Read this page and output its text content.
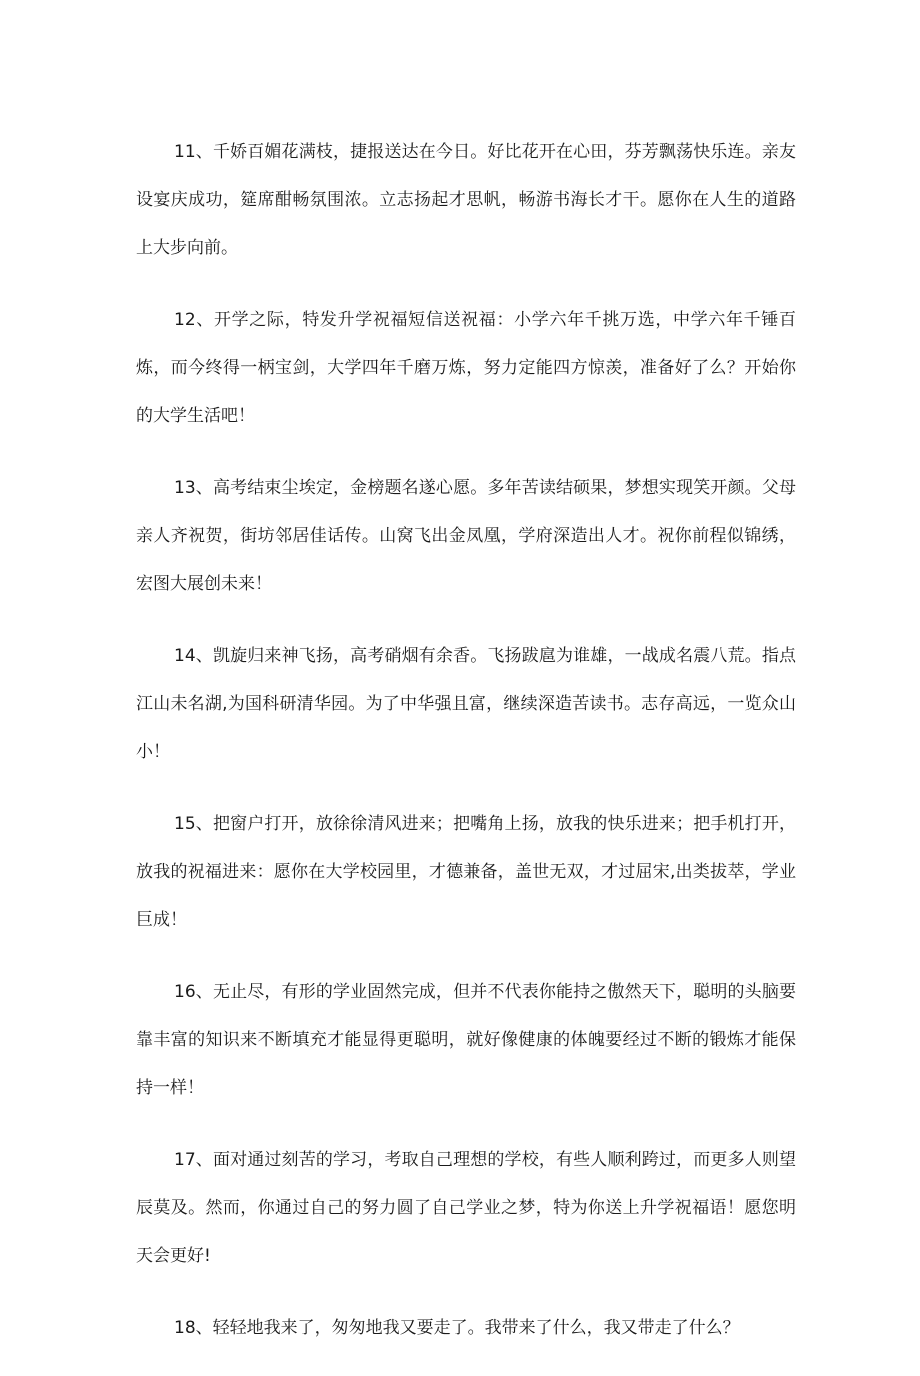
11、千娇百媚花满枝，捷报送达在今日。好比花开在心田，芬芳飘荡快乐连。亲友设宴庆成功，筵席酣畅氛围浓。立志扬起才思帆，畅游书海长才干。愿你在人生的道路上大步向前。

12、开学之际，特发升学祝福短信送祝福：小学六年千挑万选，中学六年千锤百炼，而今终得一柄宝剑，大学四年千磨万炼，努力定能四方惊羡，准备好了么？开始你的大学生活吧！

13、高考结束尘埃定，金榜题名遂心愿。多年苦读结硕果，梦想实现笑开颜。父母亲人齐祝贺，街坊邻居佳话传。山窝飞出金凤凰，学府深造出人才。祝你前程似锦绣，宏图大展创未来！

14、凯旋归来神飞扬，高考硝烟有余香。飞扬跋扈为谁雄，一战成名震八荒。指点江山未名湖,为国科研清华园。为了中华强且富，继续深造苦读书。志存高远，一览众山小！

15、把窗户打开，放徐徐清风进来；把嘴角上扬，放我的快乐进来；把手机打开，放我的祝福进来：愿你在大学校园里，才德兼备，盖世无双，才过屈宋,出类拔萃，学业巨成！

16、无止尽，有形的学业固然完成，但并不代表你能持之傲然天下，聪明的头脑要靠丰富的知识来不断填充才能显得更聪明，就好像健康的体魄要经过不断的锻炼才能保持一样！

17、面对通过刻苦的学习，考取自己理想的学校，有些人顺利跨过，而更多人则望辰莫及。然而，你通过自己的努力圆了自己学业之梦，特为你送上升学祝福语！愿您明天会更好!

18、轻轻地我来了，匆匆地我又要走了。我带来了什么，我又带走了什么？
